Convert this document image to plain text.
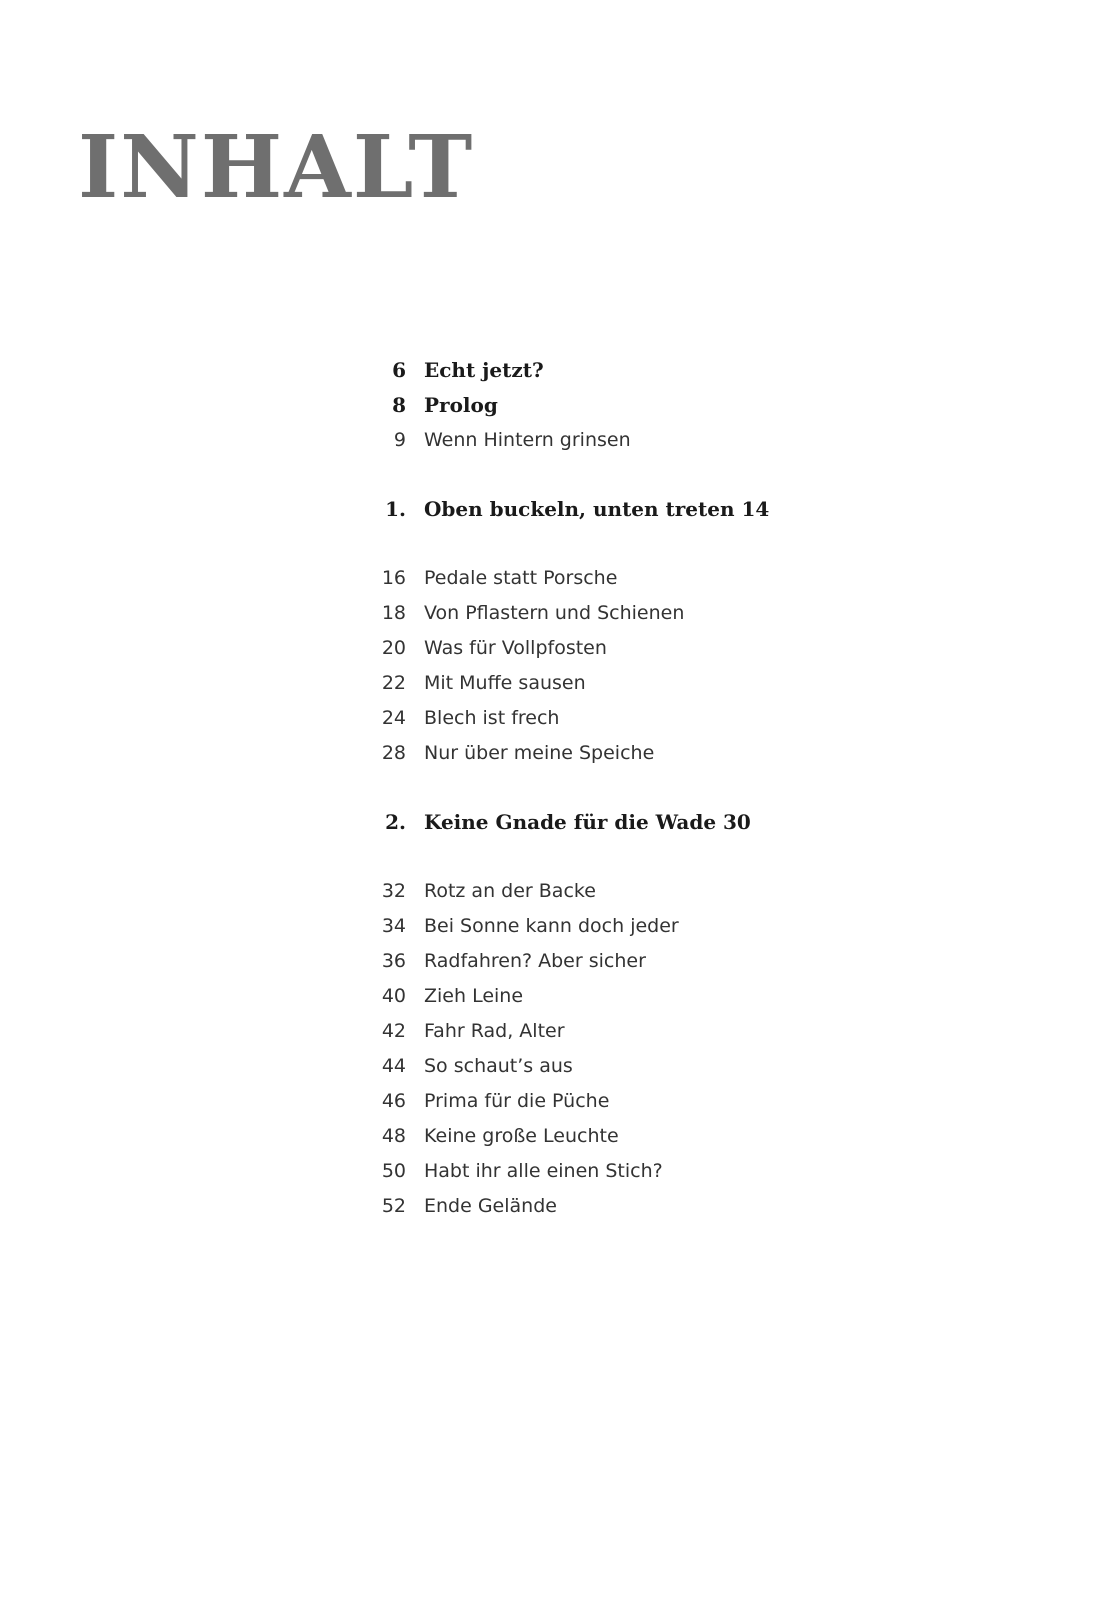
INHALT
6 Echt jetzt?
8 Prolog
9 Wenn Hintern grinsen
1. Oben buckeln, unten treten 14
16 Pedale statt Porsche
18 Von Pflastern und Schienen
20 Was für Vollpfosten
22 Mit Muffe sausen
24 Blech ist frech
28 Nur über meine Speiche
2. Keine Gnade für die Wade 30
32 Rotz an der Backe
34 Bei Sonne kann doch jeder
36 Radfahren? Aber sicher
40 Zieh Leine
42 Fahr Rad, Alter
44 So schaut’s aus
46 Prima für die Püche
48 Keine große Leuchte
50 Habt ihr alle einen Stich?
52 Ende Gelände
